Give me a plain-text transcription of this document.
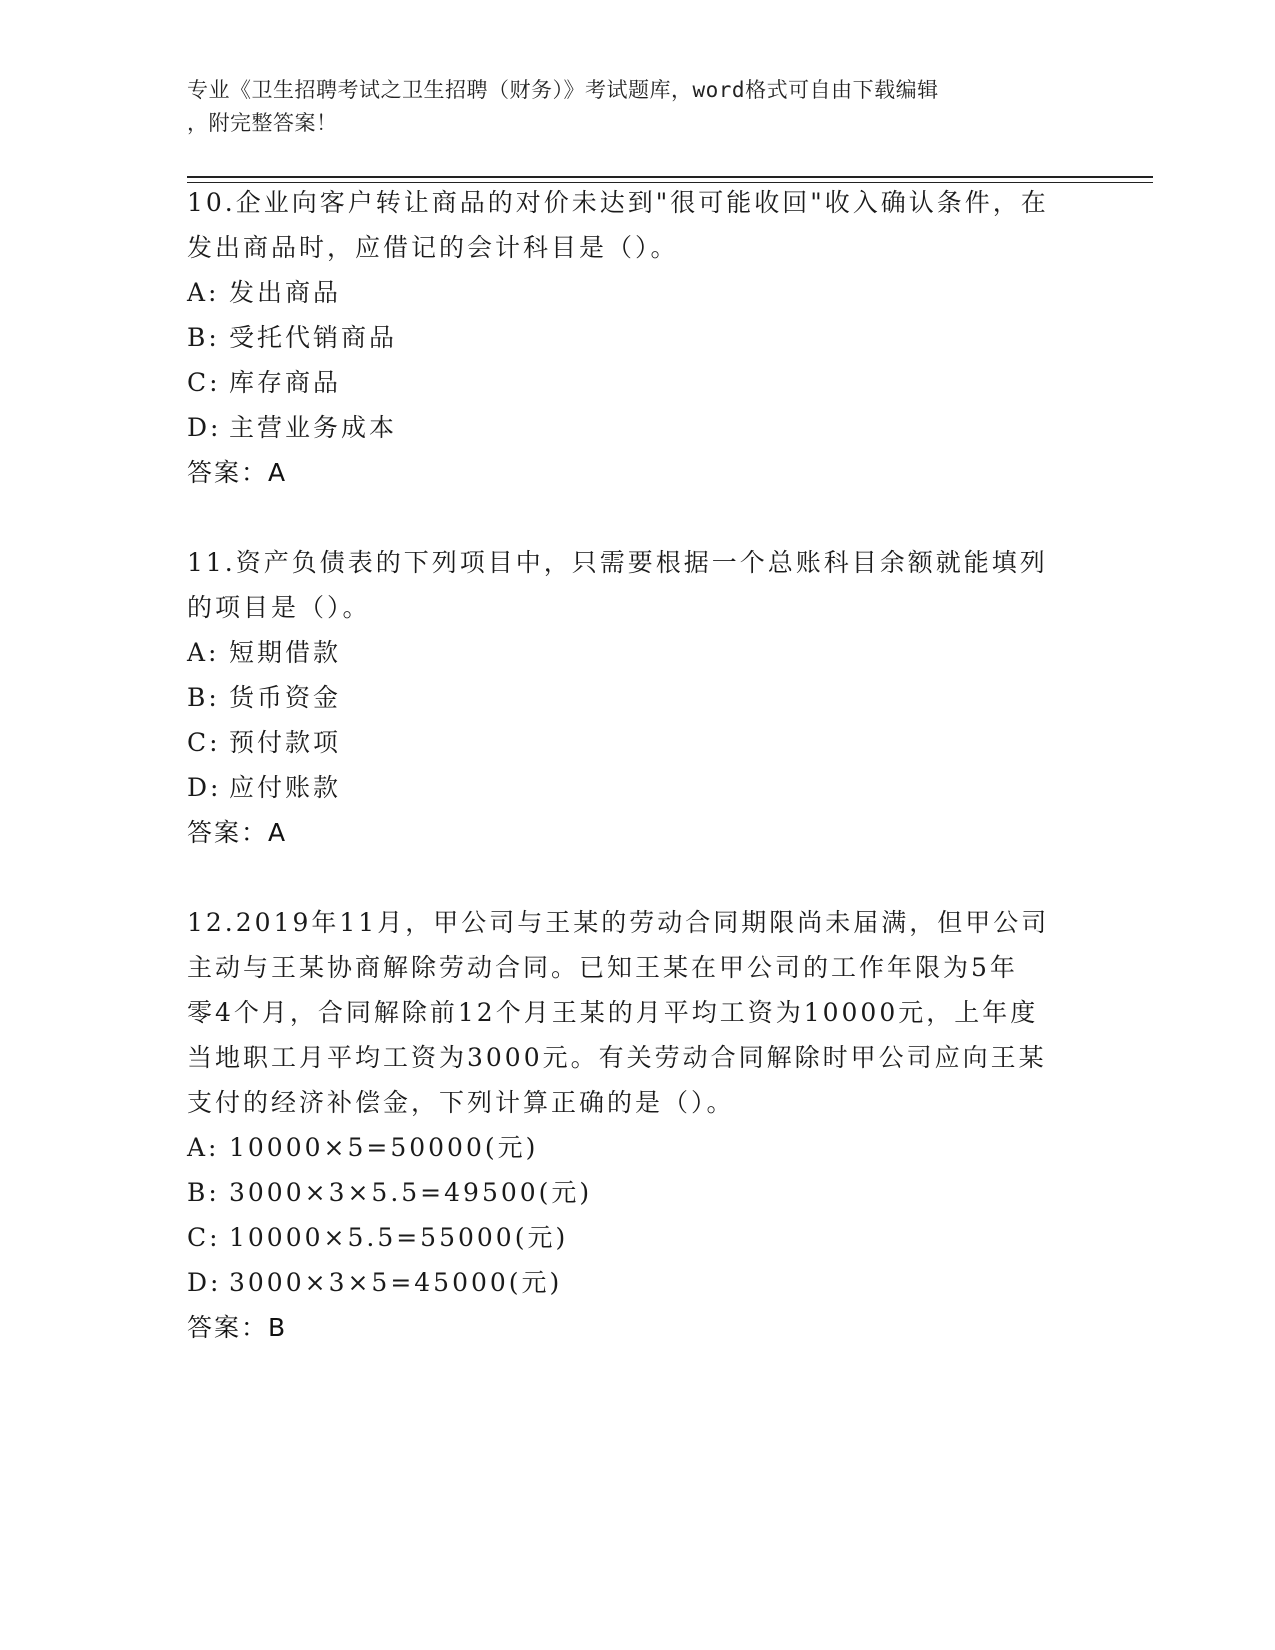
专业《卫生招聘考试之卫生招聘（财务）》考试题库，word格式可自由下载编辑
，附完整答案！

10.企业向客户转让商品的对价未达到"很可能收回"收入确认条件，在

发出商品时，应借记的会计科目是（）。

A: 发出商品

B: 受托代销商品

C: 库存商品

D: 主营业务成本

答案：A

11.资产负债表的下列项目中，只需要根据一个总账科目余额就能填列

的项目是（）。

A: 短期借款

B: 货币资金

C: 预付款项

D: 应付账款

答案：A

12.2019年11月，甲公司与王某的劳动合同期限尚未届满，但甲公司

主动与王某协商解除劳动合同。已知王某在甲公司的工作年限为5年

零4个月，合同解除前12个月王某的月平均工资为10000元，上年度

当地职工月平均工资为3000元。有关劳动合同解除时甲公司应向王某

支付的经济补偿金，下列计算正确的是（）。

A: 10000×5=50000(元)

B: 3000×3×5.5=49500(元)

C: 10000×5.5=55000(元)

D: 3000×3×5=45000(元)

答案：B
